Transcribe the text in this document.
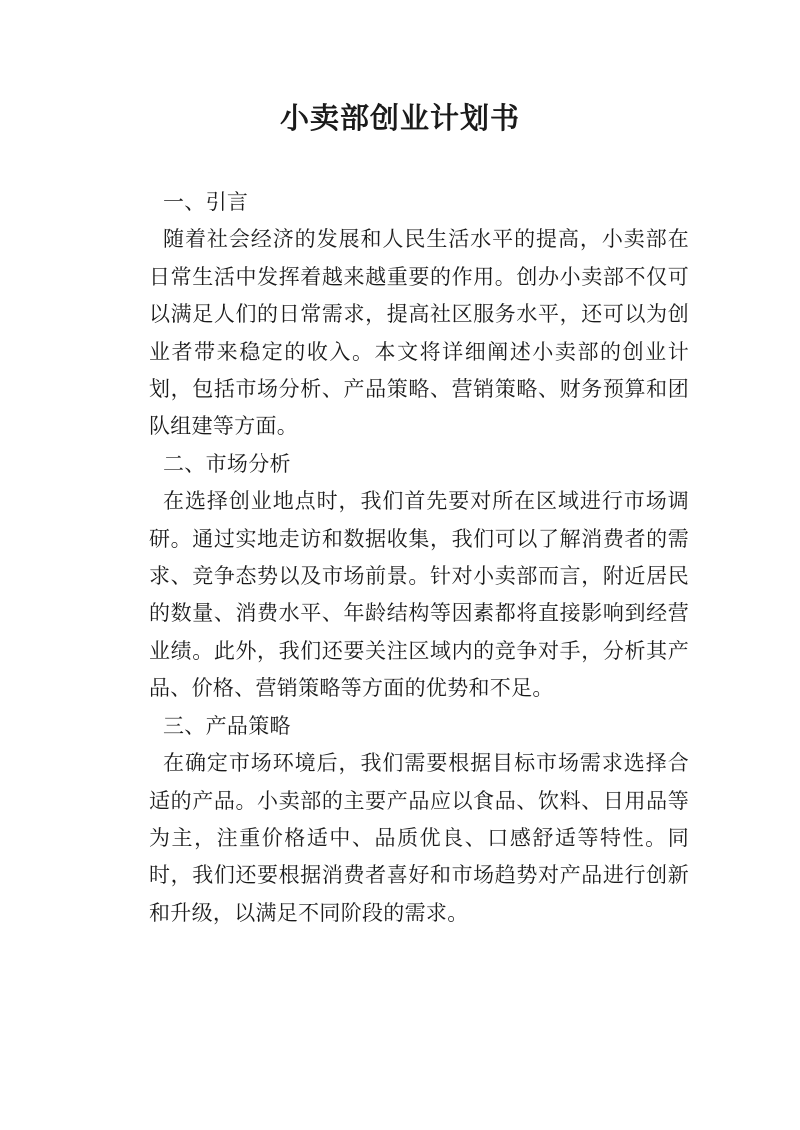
小卖部创业计划书

一、引言

随着社会经济的发展和人民生活水平的提高，小卖部在日常生活中发挥着越来越重要的作用。创办小卖部不仅可以满足人们的日常需求，提高社区服务水平，还可以为创业者带来稳定的收入。本文将详细阐述小卖部的创业计划，包括市场分析、产品策略、营销策略、财务预算和团队组建等方面。

二、市场分析

在选择创业地点时，我们首先要对所在区域进行市场调研。通过实地走访和数据收集，我们可以了解消费者的需求、竞争态势以及市场前景。针对小卖部而言，附近居民的数量、消费水平、年龄结构等因素都将直接影响到经营业绩。此外，我们还要关注区域内的竞争对手，分析其产品、价格、营销策略等方面的优势和不足。

三、产品策略

在确定市场环境后，我们需要根据目标市场需求选择合适的产品。小卖部的主要产品应以食品、饮料、日用品等为主，注重价格适中、品质优良、口感舒适等特性。同时，我们还要根据消费者喜好和市场趋势对产品进行创新和升级，以满足不同阶段的需求。
